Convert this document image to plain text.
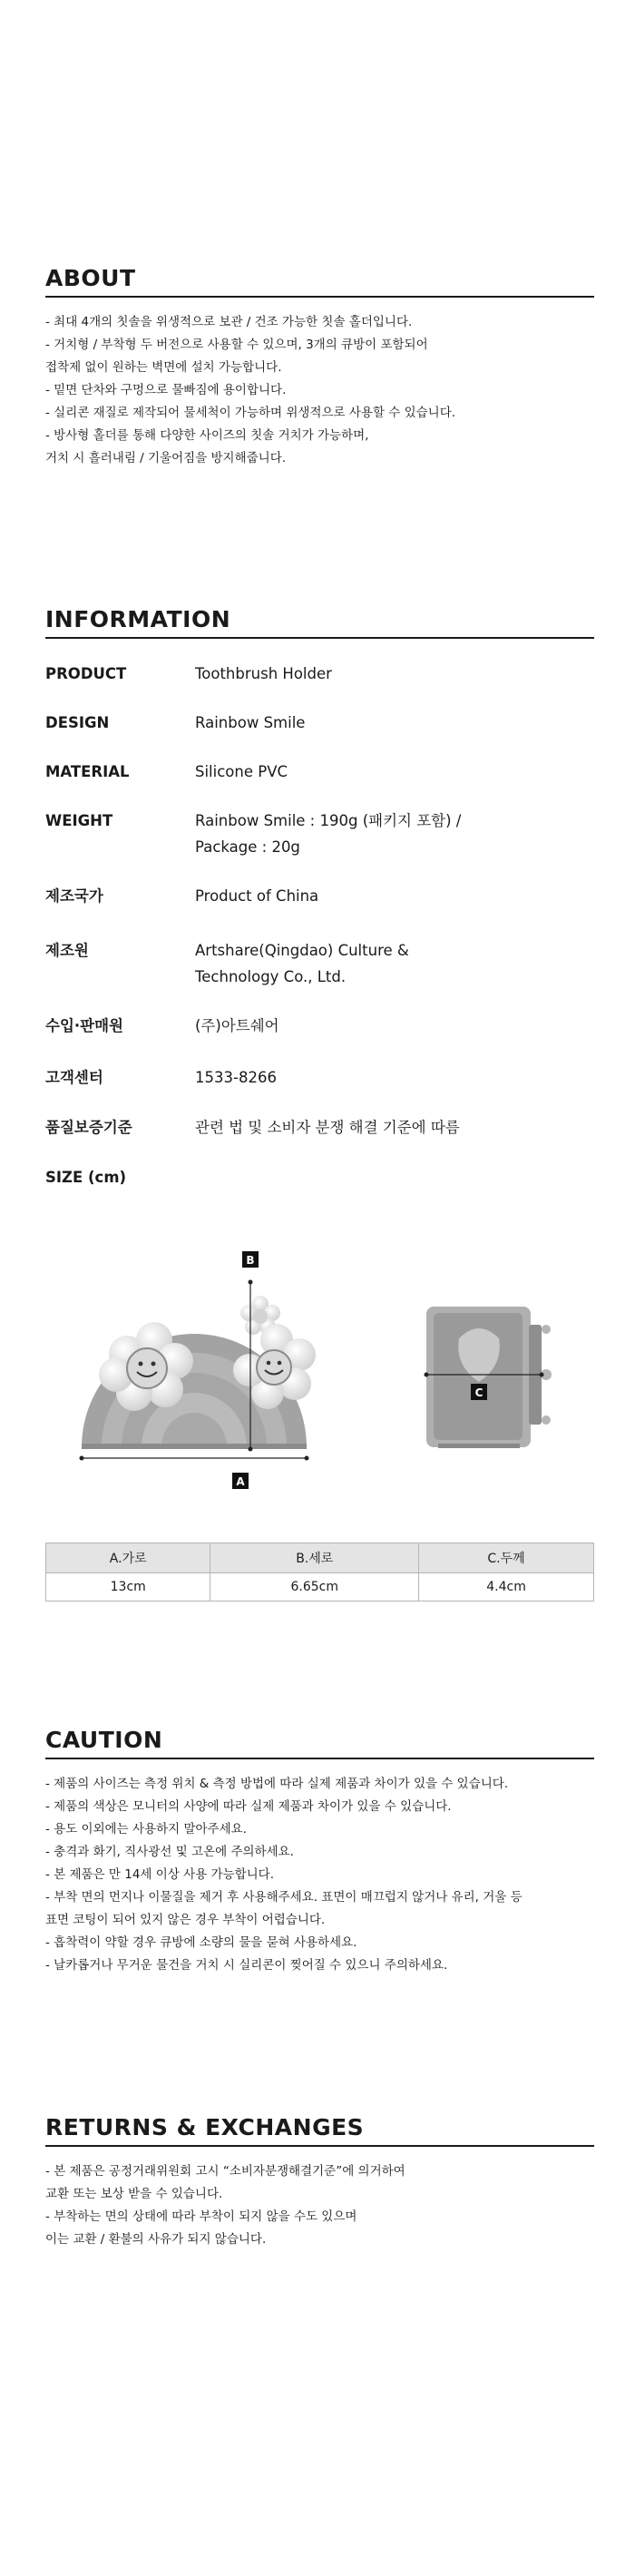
ABOUT
- 최대 4개의 칫솔을 위생적으로 보관 / 건조 가능한 칫솔 홀더입니다.
- 거치형 / 부착형 두 버전으로 사용할 수 있으며, 3개의 큐방이 포함되어
접착제 없이 원하는 벽면에 설치 가능합니다.
- 밑면 단차와 구멍으로 물빠짐에 용이합니다.
- 실리콘 재질로 제작되어 물세척이 가능하며 위생적으로 사용할 수 있습니다.
- 방사형 홀더를 통해 다양한 사이즈의 칫솔 거치가 가능하며,
거치 시 흘러내림 / 기울어짐을 방지해줍니다.
INFORMATION
PRODUCT	Toothbrush Holder
DESIGN	Rainbow Smile
MATERIAL	Silicone PVC
WEIGHT	Rainbow Smile : 190g (패키지 포함) /
Package : 20g
제조국가	Product of China
제조원	Artshare(Qingdao) Culture &
Technology Co., Ltd.
수입·판매원	(주)아트쉐어
고객센터	1533-8266
품질보증기준	관련 법 및 소비자 분쟁 해결 기준에 따름
SIZE (cm)
B
A
C
A.가로	B.세로	C.두께
13cm	6.65cm	4.4cm
CAUTION
- 제품의 사이즈는 측정 위치 & 측정 방법에 따라 실제 제품과 차이가 있을 수 있습니다.
- 제품의 색상은 모니터의 사양에 따라 실제 제품과 차이가 있을 수 있습니다.
- 용도 이외에는 사용하지 말아주세요.
- 충격과 화기, 직사광선 및 고온에 주의하세요.
- 본 제품은 만 14세 이상 사용 가능합니다.
- 부착 면의 먼지나 이물질을 제거 후 사용해주세요. 표면이 매끄럽지 않거나 유리, 거울 등
표면 코팅이 되어 있지 않은 경우 부착이 어렵습니다.
- 흡착력이 약할 경우 큐방에 소량의 물을 묻혀 사용하세요.
- 날카롭거나 무거운 물건을 거치 시 실리콘이 찢어질 수 있으니 주의하세요.
RETURNS & EXCHANGES
- 본 제품은 공정거래위원회 고시 “소비자분쟁해결기준”에 의거하여
교환 또는 보상 받을 수 있습니다.
- 부착하는 면의 상태에 따라 부착이 되지 않을 수도 있으며
이는 교환 / 환불의 사유가 되지 않습니다.
